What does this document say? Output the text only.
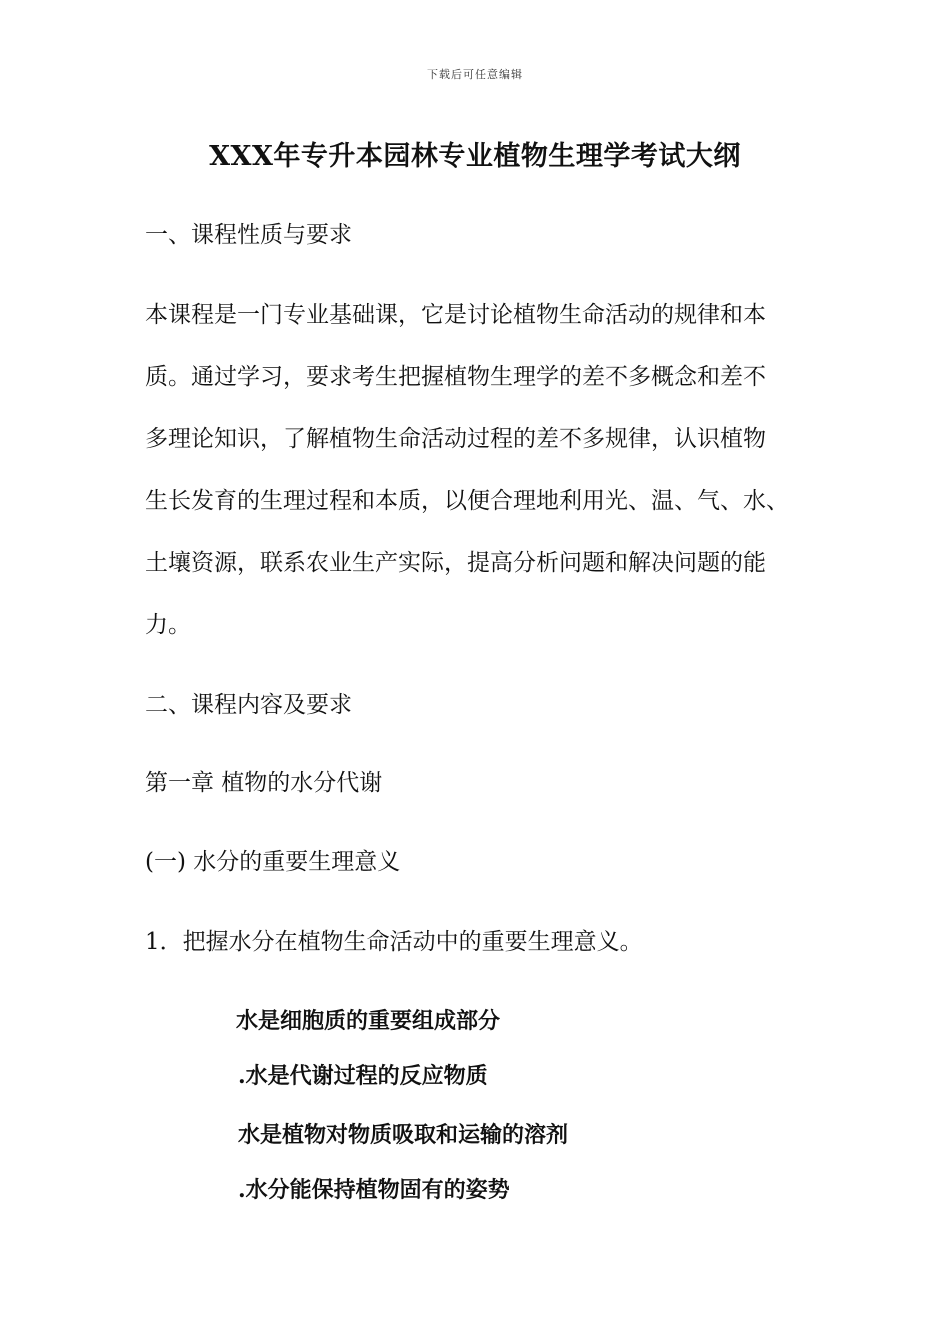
下载后可任意编辑
XXX年专升本园林专业植物生理学考试大纲
一、课程性质与要求
本课程是一门专业基础课，它是讨论植物生命活动的规律和本
质。通过学习，要求考生把握植物生理学的差不多概念和差不
多理论知识，了解植物生命活动过程的差不多规律，认识植物
生长发育的生理过程和本质，以便合理地利用光、温、气、水、
土壤资源，联系农业生产实际，提高分析问题和解决问题的能
力。
二、课程内容及要求
第一章 植物的水分代谢
(一) 水分的重要生理意义
1．把握水分在植物生命活动中的重要生理意义。
水是细胞质的重要组成部分
.水是代谢过程的反应物质
水是植物对物质吸取和运输的溶剂
.水分能保持植物固有的姿势
